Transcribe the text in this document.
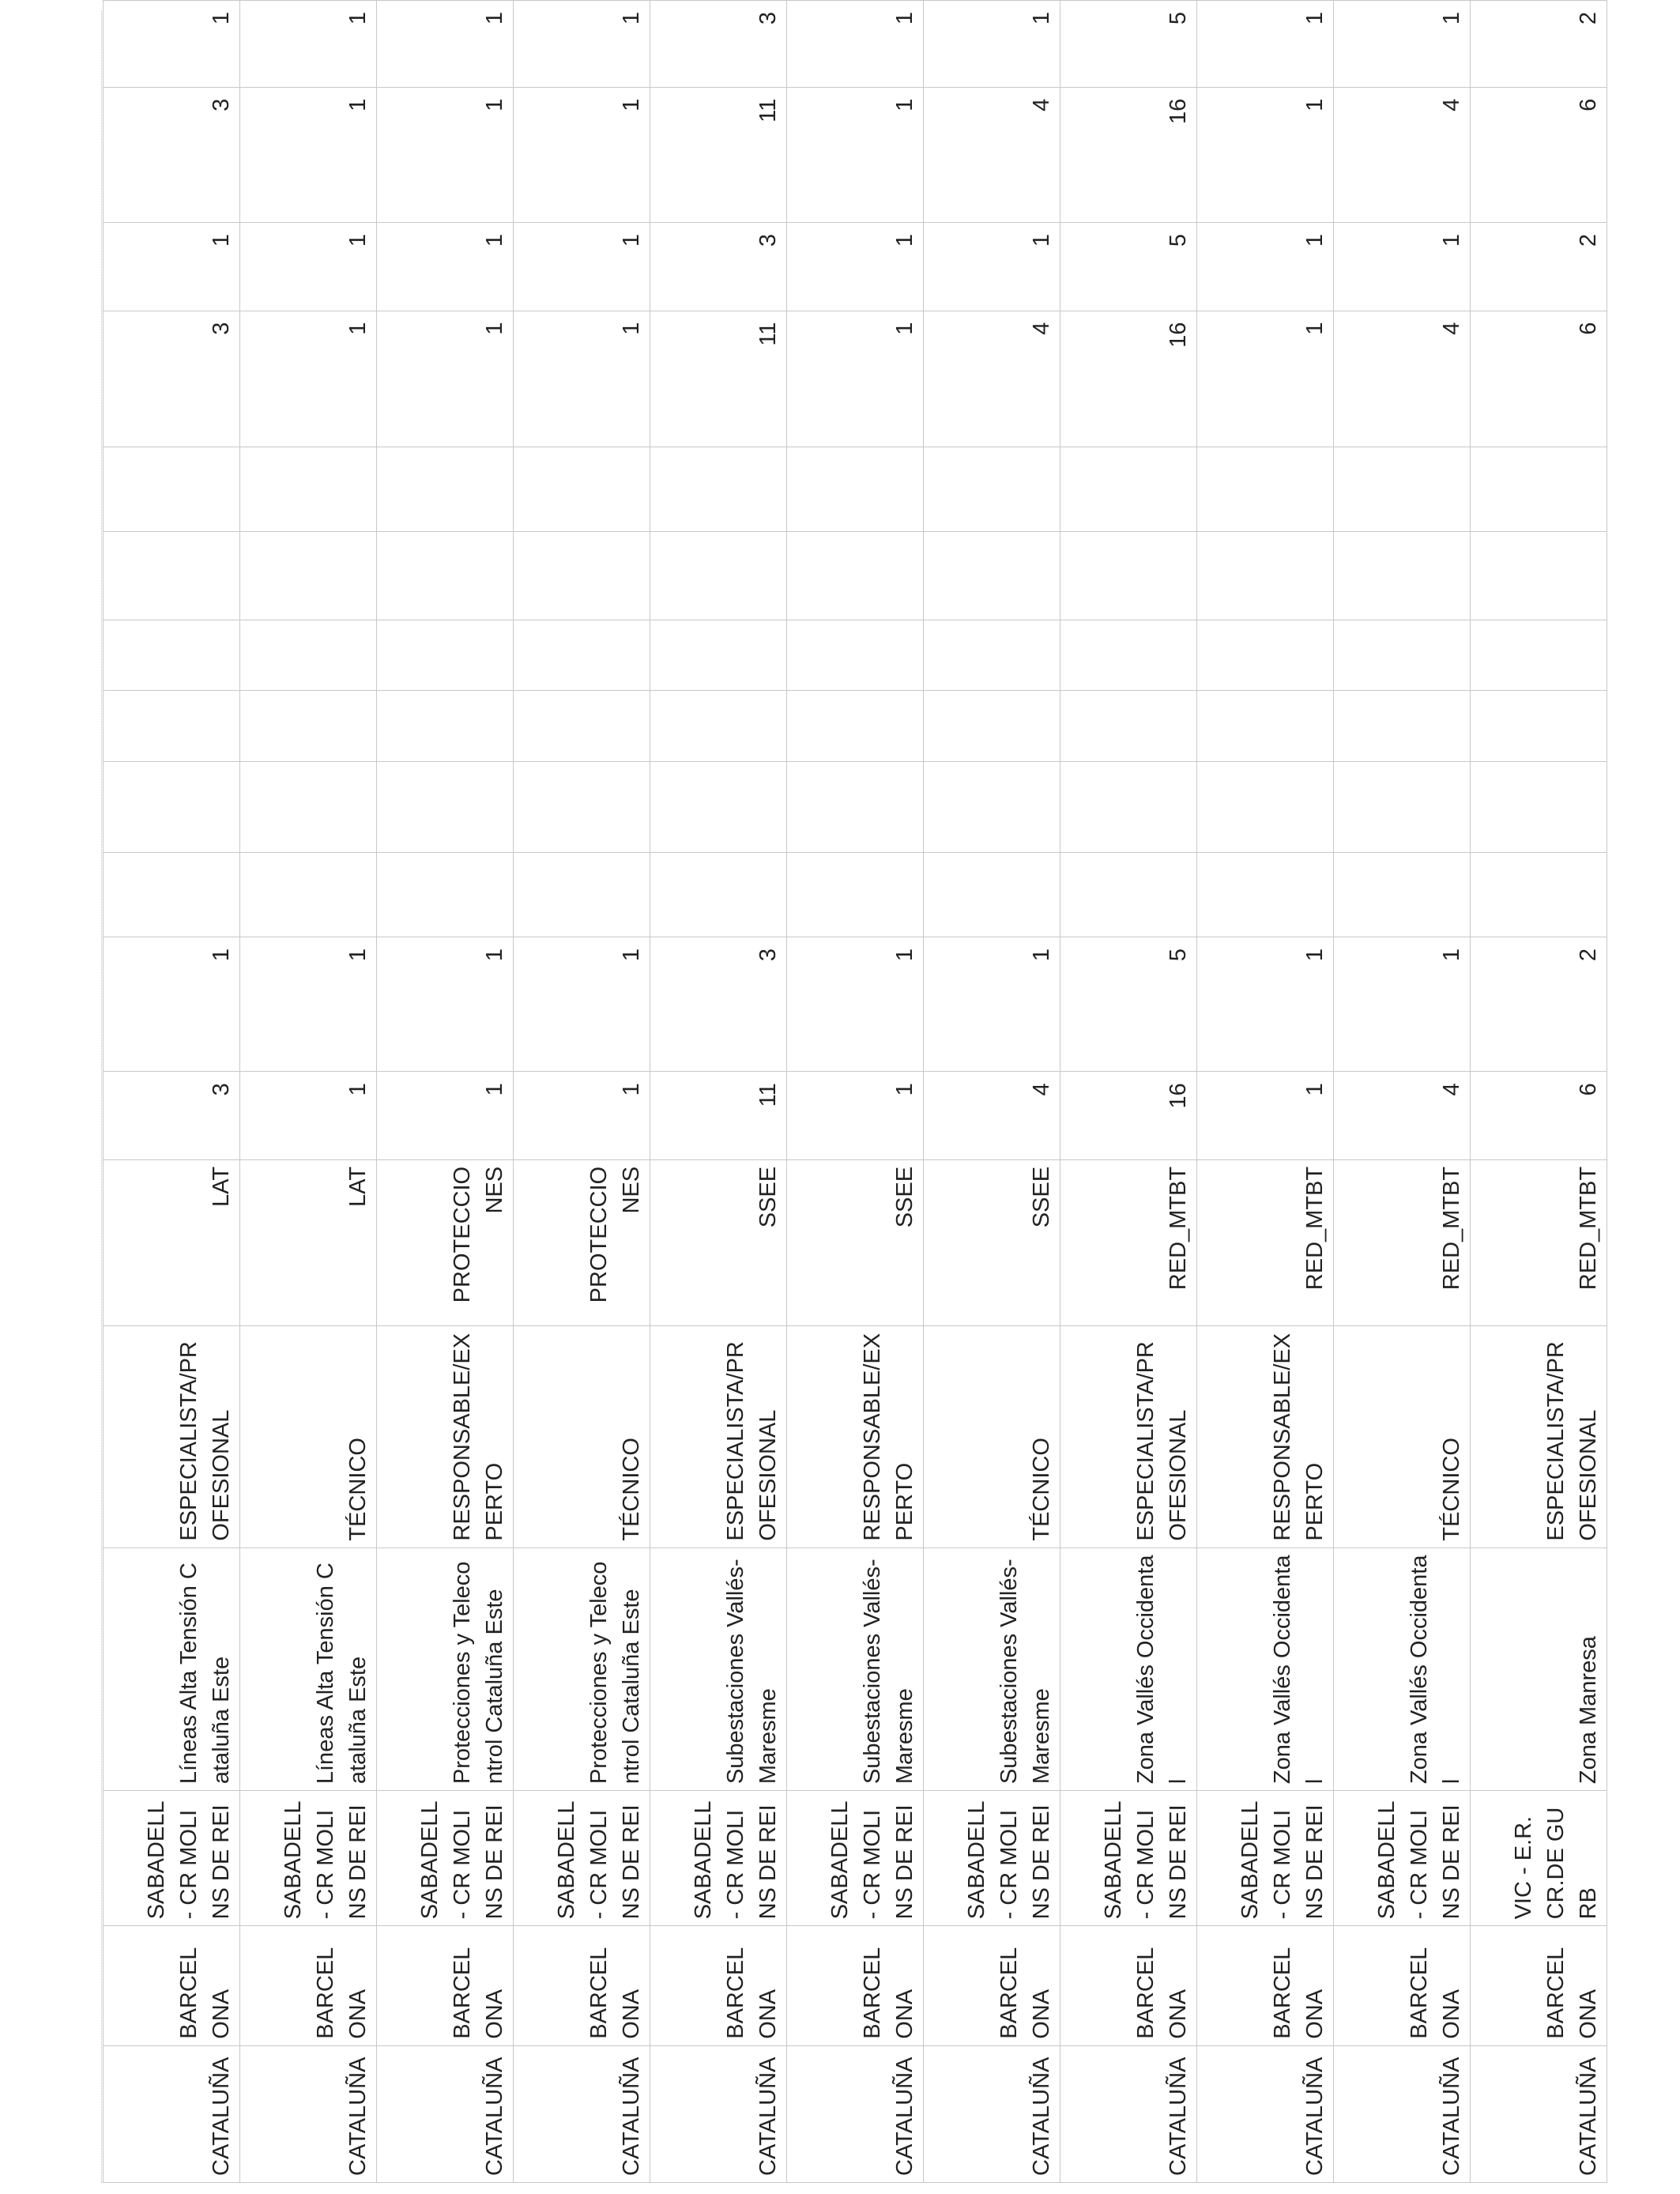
CATALUÑA	BARCELONA	SABADELL- CR MOLINS DE REI	Líneas Alta Tensión Cataluña Este	ESPECIALISTA/PROFESIONAL	LAT	3	1							3	1	3	1
CATALUÑA	BARCELONA	SABADELL- CR MOLINS DE REI	Líneas Alta Tensión Cataluña Este	TÉCNICO	LAT	1	1							1	1	1	1
CATALUÑA	BARCELONA	SABADELL- CR MOLINS DE REI	Protecciones y Telecontrol Cataluña Este	RESPONSABLE/EXPERTO	PROTECCIONES	1	1							1	1	1	1
CATALUÑA	BARCELONA	SABADELL- CR MOLINS DE REI	Protecciones y Telecontrol Cataluña Este	TÉCNICO	PROTECCIONES	1	1							1	1	1	1
CATALUÑA	BARCELONA	SABADELL- CR MOLINS DE REI	Subestaciones Vallés-Maresme	ESPECIALISTA/PROFESIONAL	SSEE	11	3							11	3	11	3
CATALUÑA	BARCELONA	SABADELL- CR MOLINS DE REI	Subestaciones Vallés-Maresme	RESPONSABLE/EXPERTO	SSEE	1	1							1	1	1	1
CATALUÑA	BARCELONA	SABADELL- CR MOLINS DE REI	Subestaciones Vallés-Maresme	TÉCNICO	SSEE	4	1							4	1	4	1
CATALUÑA	BARCELONA	SABADELL- CR MOLINS DE REI	Zona Vallés Occidental	ESPECIALISTA/PROFESIONAL	RED_MTBT	16	5							16	5	16	5
CATALUÑA	BARCELONA	SABADELL- CR MOLINS DE REI	Zona Vallés Occidental	RESPONSABLE/EXPERTO	RED_MTBT	1	1							1	1	1	1
CATALUÑA	BARCELONA	SABADELL- CR MOLINS DE REI	Zona Vallés Occidental	TÉCNICO	RED_MTBT	4	1							4	1	4	1
CATALUÑA	BARCELONA	VIC - E.R. CR.DE GURB	Zona Manresa	ESPECIALISTA/PROFESIONAL	RED_MTBT	6	2							6	2	6	2
